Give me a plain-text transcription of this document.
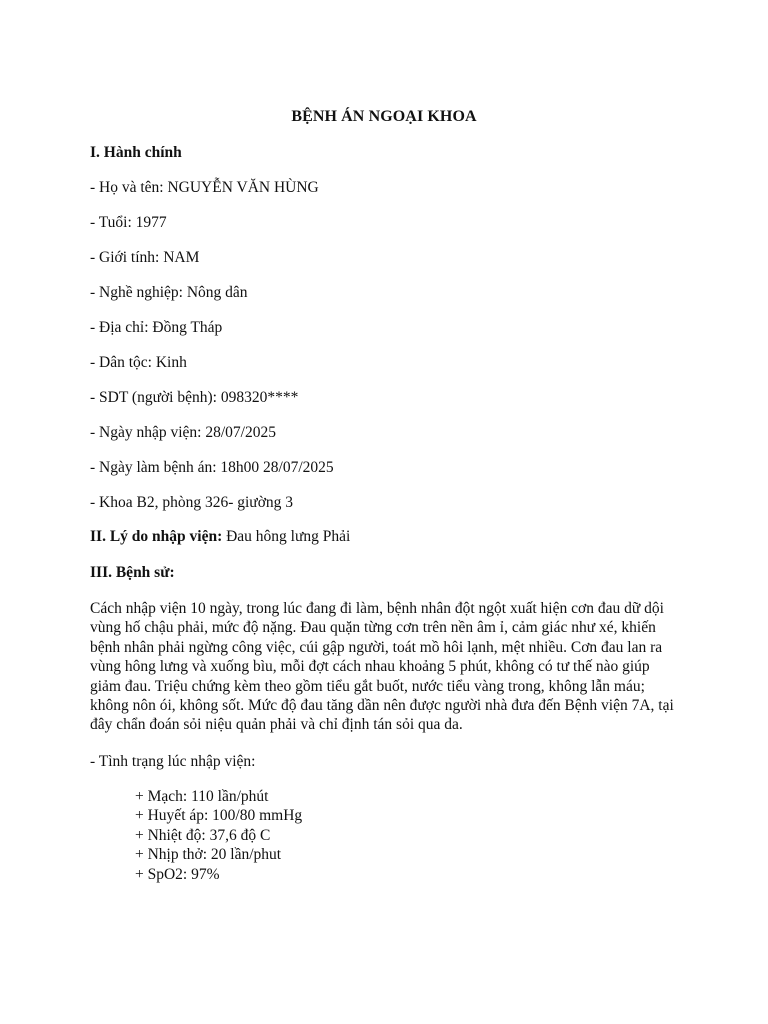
BỆNH ÁN NGOẠI KHOA
I. Hành chính
- Họ và tên: NGUYỄN VĂN HÙNG
- Tuổi: 1977
- Giới tính: NAM
- Nghề nghiệp: Nông dân
- Địa chỉ: Đồng Tháp
- Dân tộc: Kinh
- SDT (người bệnh): 098320****
- Ngày nhập viện: 28/07/2025
- Ngày làm bệnh án: 18h00 28/07/2025
- Khoa B2, phòng 326- giường 3
II. Lý do nhập viện: Đau hông lưng Phải
III. Bệnh sử:
Cách nhập viện 10 ngày, trong lúc đang đi làm, bệnh nhân đột ngột xuất hiện cơn đau dữ dội vùng hố chậu phải, mức độ nặng. Đau quặn từng cơn trên nền âm ỉ, cảm giác như xé, khiến bệnh nhân phải ngừng công việc, cúi gập người, toát mồ hôi lạnh, mệt nhiều. Cơn đau lan ra vùng hông lưng và xuống bìu, mỗi đợt cách nhau khoảng 5 phút, không có tư thế nào giúp giảm đau. Triệu chứng kèm theo gồm tiểu gắt buốt, nước tiểu vàng trong, không lẫn máu; không nôn ói, không sốt. Mức độ đau tăng dần nên được người nhà đưa đến Bệnh viện 7A, tại đây chẩn đoán sỏi niệu quản phải và chỉ định tán sỏi qua da.
- Tình trạng lúc nhập viện:
+ Mạch: 110 lần/phút
+ Huyết áp: 100/80 mmHg
+ Nhiệt độ: 37,6 độ C
+ Nhịp thở: 20 lần/phut
+ SpO2: 97%
